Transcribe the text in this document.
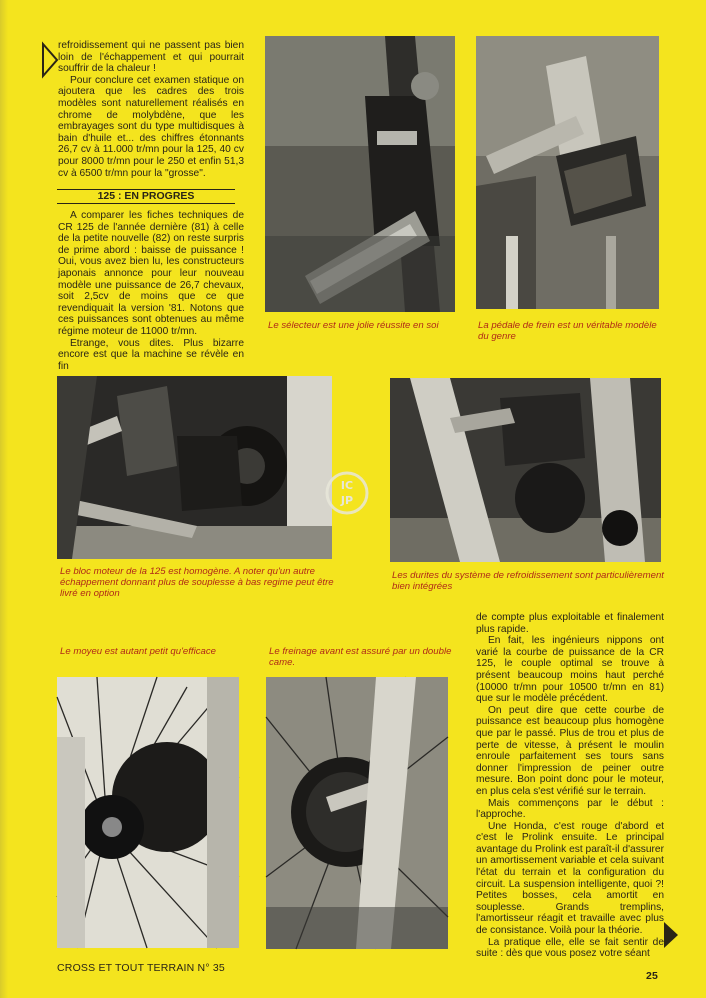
refroidissement qui ne passent pas bien loin de l'échappement et qui pourrait souffrir de la chaleur !

Pour conclure cet examen statique on ajoutera que les cadres des trois modèles sont naturellement réalisés en chrome de molybdène, que les embrayages sont du type multidisques à bain d'huile et... des chiffres étonnants 26,7 cv à 11.000 tr/mn pour la 125, 40 cv pour 8000 tr/mn pour le 250 et enfin 51,3 cv à 6500 tr/mn pour la "grosse".

125 : EN PROGRES

A comparer les fiches techniques de CR 125 de l'année dernière (81) à celle de la petite nouvelle (82) on reste surpris de prime abord : baisse de puissance ! Oui, vous avez bien lu, les constructeurs japonais annonce pour leur nouveau modèle une puissance de 26,7 chevaux, soit 2,5cv de moins que ce que revendiquait la version '81. Notons que ces puissances sont obtenues au même régime moteur de 11000 tr/mn.

Etrange, vous dites. Plus bizarre encore est que la machine se révèle en fin

Le sélecteur est une jolie réussite en soi	La pédale de frein est un véritable modèle du genre
Le bloc moteur de la 125 est homogène. A noter qu'un autre échappement donnant plus de souplesse à bas regime peut être livré en option
Les durites du système de refroidissement sont particulièrement bien intégrées
IC
JP
Le moyeu est autant petit qu'efficace	Le freinage avant est assuré par un double came.

de compte plus exploitable et finalement plus rapide.

En fait, les ingénieurs nippons ont varié la courbe de puissance de la CR 125, le couple optimal se trouve à présent beaucoup moins haut perché (10000 tr/mn pour 10500 tr/mn en 81) que sur le modèle précédent.

On peut dire que cette courbe de puissance est beaucoup plus homogène que par le passé. Plus de trou et plus de perte de vitesse, à présent le moulin enroule parfaitement ses tours sans donner l'impression de peiner outre mesure. Bon point donc pour le moteur, en plus cela s'est vérifié sur le terrain.

Mais commençons par le début : l'approche.

Une Honda, c'est rouge d'abord et c'est le Prolink ensuite. Le principal avantage du Prolink est paraît-il d'assurer un amortissement variable et cela suivant l'état du terrain et la configuration du circuit. La suspension intelligente, quoi ?! Petites bosses, cela amortit en souplesse. Grands tremplins, l'amortisseur réagit et travaille avec plus de consistance. Voilà pour la théorie.

La pratique elle, elle se fait sentir de suite : dès que vous posez votre séant

CROSS ET TOUT TERRAIN N° 35
25
